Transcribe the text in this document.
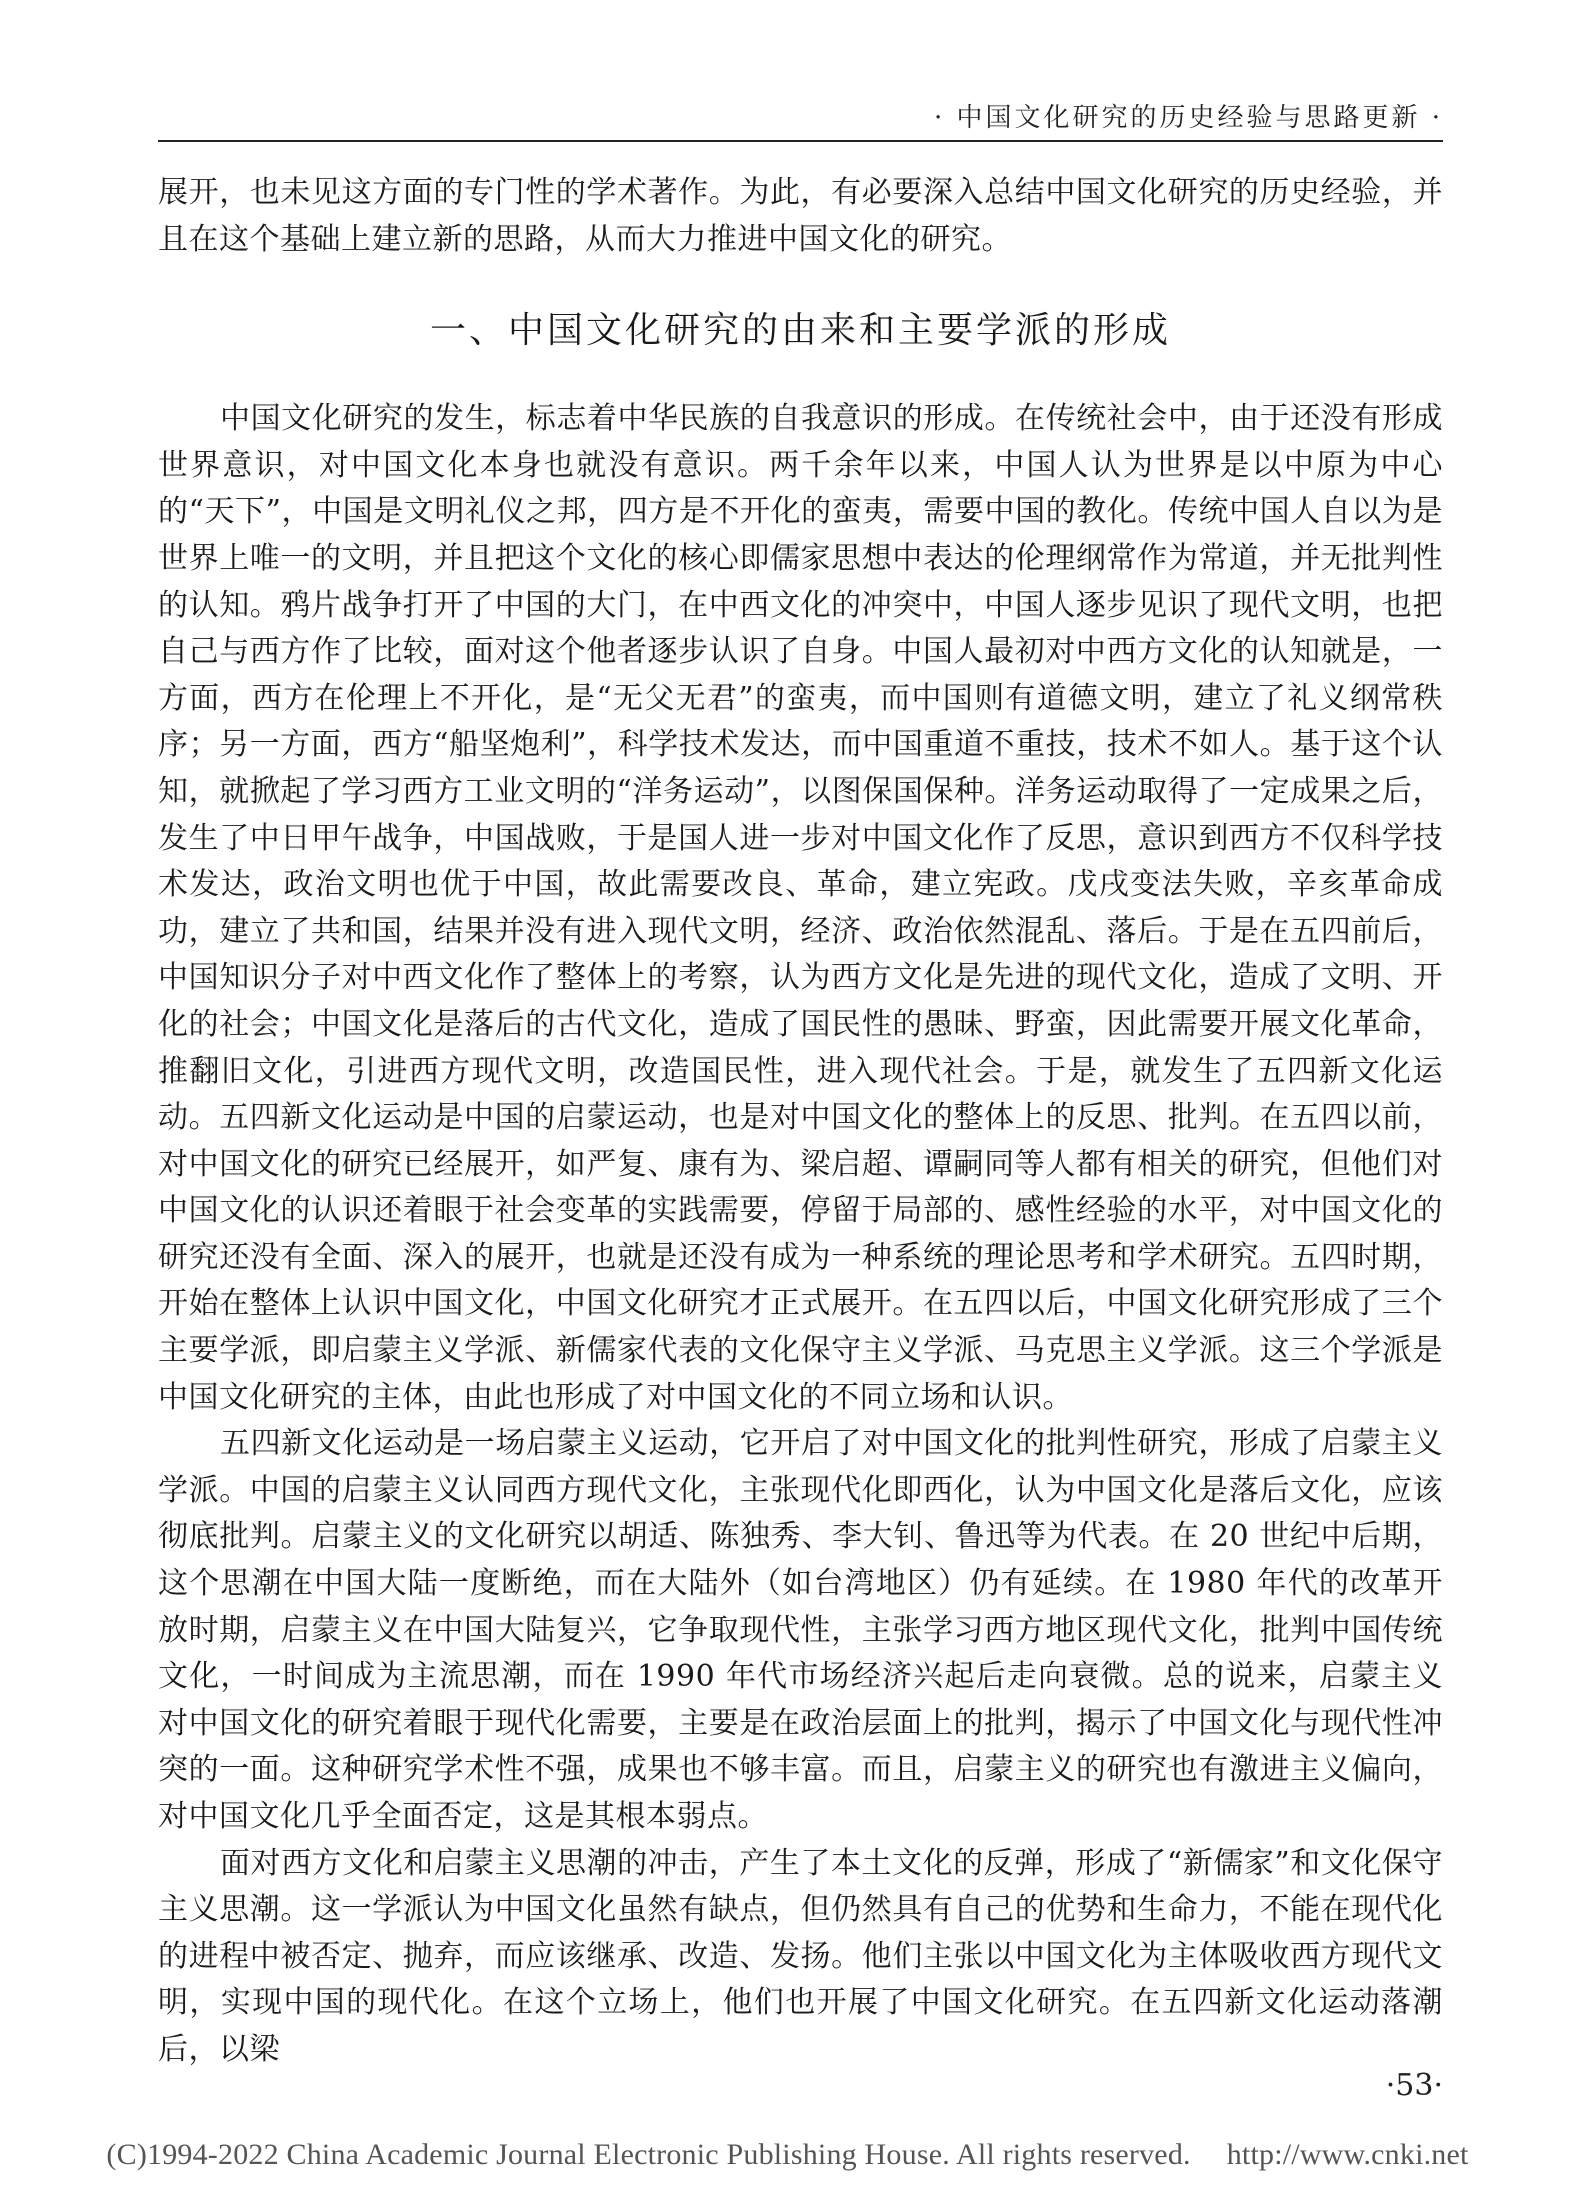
· 中国文化研究的历史经验与思路更新 ·

展开，也未见这方面的专门性的学术著作。为此，有必要深入总结中国文化研究的历史经验，并且在这个基础上建立新的思路，从而大力推进中国文化的研究。

一、中国文化研究的由来和主要学派的形成

中国文化研究的发生，标志着中华民族的自我意识的形成。在传统社会中，由于还没有形成世界意识，对中国文化本身也就没有意识。两千余年以来，中国人认为世界是以中原为中心的“天下”，中国是文明礼仪之邦，四方是不开化的蛮夷，需要中国的教化。传统中国人自以为是世界上唯一的文明，并且把这个文化的核心即儒家思想中表达的伦理纲常作为常道，并无批判性的认知。鸦片战争打开了中国的大门，在中西文化的冲突中，中国人逐步见识了现代文明，也把自己与西方作了比较，面对这个他者逐步认识了自身。中国人最初对中西方文化的认知就是，一方面，西方在伦理上不开化，是“无父无君”的蛮夷，而中国则有道德文明，建立了礼义纲常秩序；另一方面，西方“船坚炮利”，科学技术发达，而中国重道不重技，技术不如人。基于这个认知，就掀起了学习西方工业文明的“洋务运动”，以图保国保种。洋务运动取得了一定成果之后，发生了中日甲午战争，中国战败，于是国人进一步对中国文化作了反思，意识到西方不仅科学技术发达，政治文明也优于中国，故此需要改良、革命，建立宪政。戊戌变法失败，辛亥革命成功，建立了共和国，结果并没有进入现代文明，经济、政治依然混乱、落后。于是在五四前后，中国知识分子对中西文化作了整体上的考察，认为西方文化是先进的现代文化，造成了文明、开化的社会；中国文化是落后的古代文化，造成了国民性的愚昧、野蛮，因此需要开展文化革命，推翻旧文化，引进西方现代文明，改造国民性，进入现代社会。于是，就发生了五四新文化运动。五四新文化运动是中国的启蒙运动，也是对中国文化的整体上的反思、批判。在五四以前，对中国文化的研究已经展开，如严复、康有为、梁启超、谭嗣同等人都有相关的研究，但他们对中国文化的认识还着眼于社会变革的实践需要，停留于局部的、感性经验的水平，对中国文化的研究还没有全面、深入的展开，也就是还没有成为一种系统的理论思考和学术研究。五四时期，开始在整体上认识中国文化，中国文化研究才正式展开。在五四以后，中国文化研究形成了三个主要学派，即启蒙主义学派、新儒家代表的文化保守主义学派、马克思主义学派。这三个学派是中国文化研究的主体，由此也形成了对中国文化的不同立场和认识。

五四新文化运动是一场启蒙主义运动，它开启了对中国文化的批判性研究，形成了启蒙主义学派。中国的启蒙主义认同西方现代文化，主张现代化即西化，认为中国文化是落后文化，应该彻底批判。启蒙主义的文化研究以胡适、陈独秀、李大钊、鲁迅等为代表。在 20 世纪中后期，这个思潮在中国大陆一度断绝，而在大陆外（如台湾地区）仍有延续。在 1980 年代的改革开放时期，启蒙主义在中国大陆复兴，它争取现代性，主张学习西方地区现代文化，批判中国传统文化，一时间成为主流思潮，而在 1990 年代市场经济兴起后走向衰微。总的说来，启蒙主义对中国文化的研究着眼于现代化需要，主要是在政治层面上的批判，揭示了中国文化与现代性冲突的一面。这种研究学术性不强，成果也不够丰富。而且，启蒙主义的研究也有激进主义偏向，对中国文化几乎全面否定，这是其根本弱点。

面对西方文化和启蒙主义思潮的冲击，产生了本土文化的反弹，形成了“新儒家”和文化保守主义思潮。这一学派认为中国文化虽然有缺点，但仍然具有自己的优势和生命力，不能在现代化的进程中被否定、抛弃，而应该继承、改造、发扬。他们主张以中国文化为主体吸收西方现代文明，实现中国的现代化。在这个立场上，他们也开展了中国文化研究。在五四新文化运动落潮后，以梁

·53·
(C)1994-2022 China Academic Journal Electronic Publishing House. All rights reserved. http://www.cnki.net
